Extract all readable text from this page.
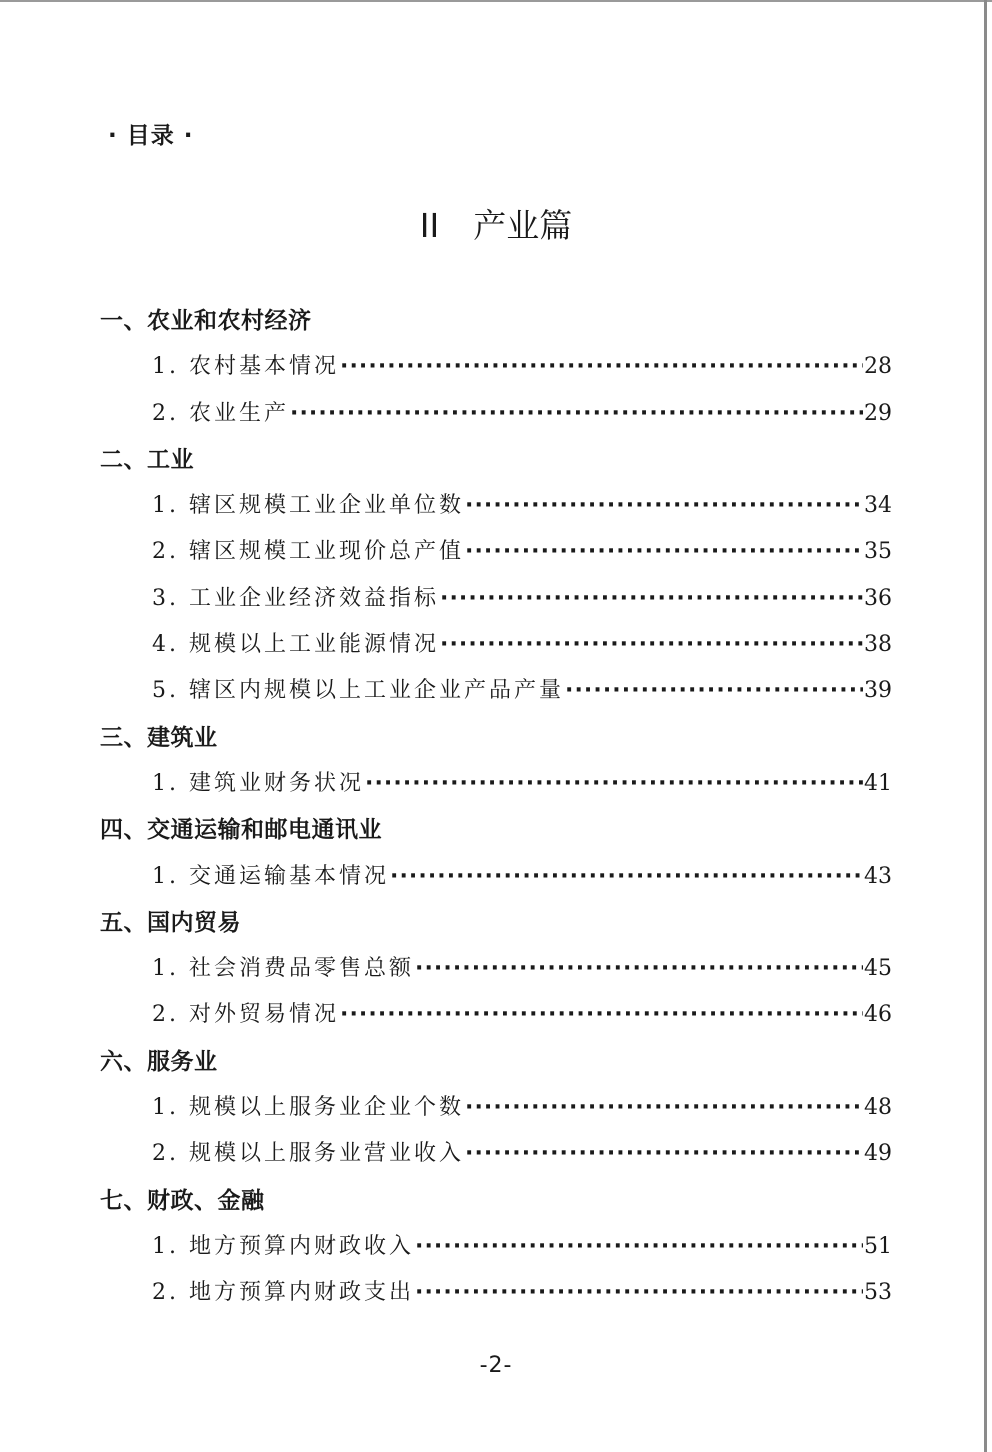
· 目录 ·
II 产业篇
一、农业和农村经济
1. 农村基本情况 ·····	28
2. 农业生产 ·····	29
二、工业
1. 辖区规模工业企业单位数 ·····	34
2. 辖区规模工业现价总产值 ·····	35
3. 工业企业经济效益指标 ·····	36
4. 规模以上工业能源情况 ·····	38
5. 辖区内规模以上工业企业产品产量 ·····	39
三、建筑业
1. 建筑业财务状况 ·····	41
四、交通运输和邮电通讯业
1. 交通运输基本情况 ·····	43
五、国内贸易
1. 社会消费品零售总额 ·····	45
2. 对外贸易情况 ·····	46
六、服务业
1. 规模以上服务业企业个数 ·····	48
2. 规模以上服务业营业收入 ·····	49
七、财政、金融
1. 地方预算内财政收入 ·····	51
2. 地方预算内财政支出 ·····	53
-2-
